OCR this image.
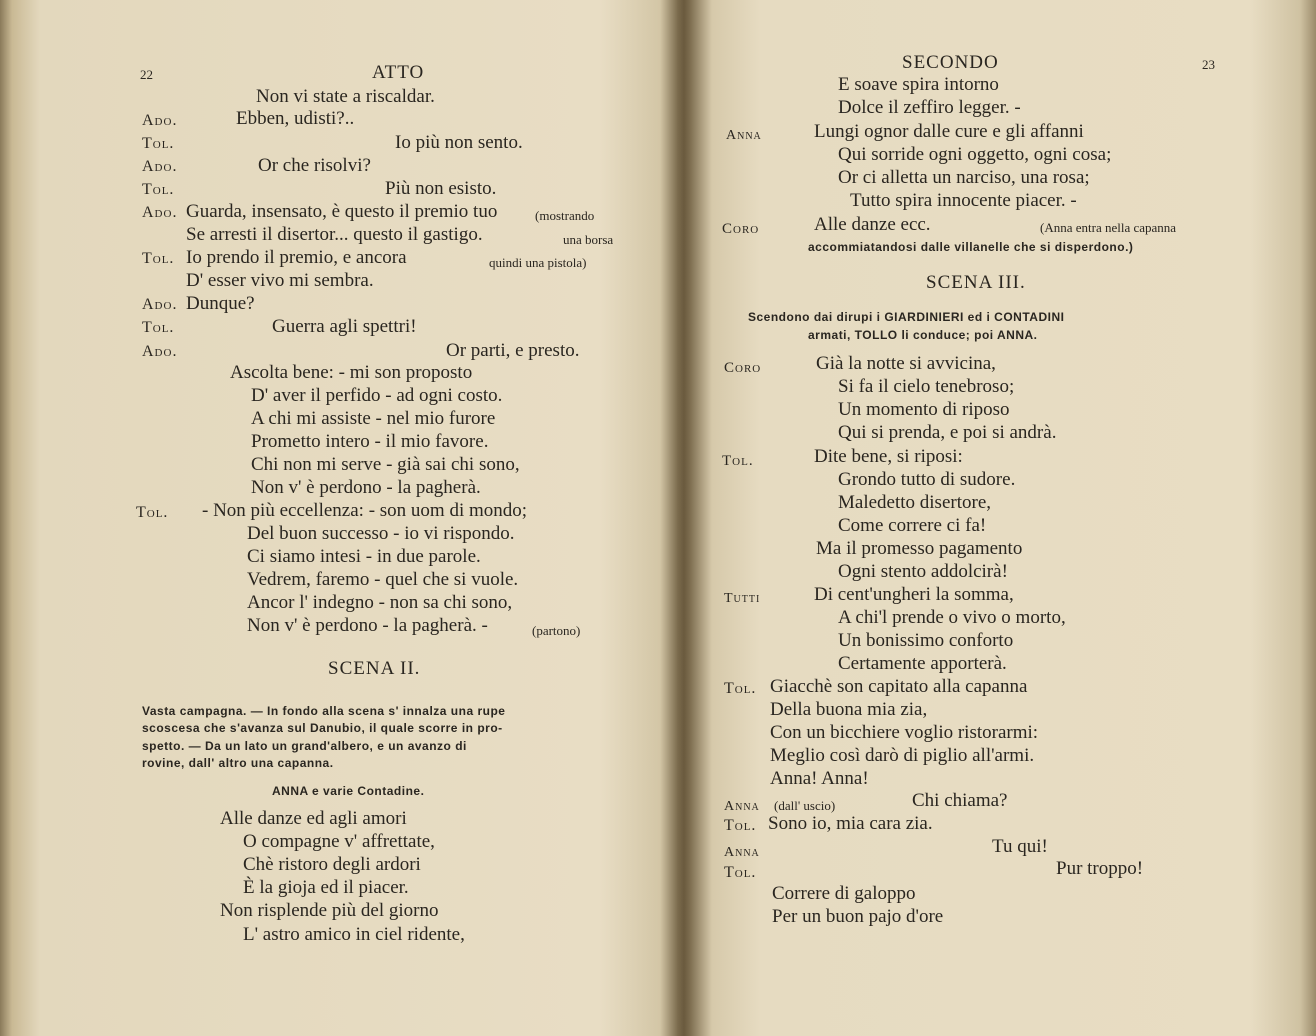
22	ATTO
Non vi state a riscaldar.
Ado.	Ebben, udisti?..
Tol.	Io più non sento.
Ado.	Or che risolvi?
Tol.	Più non esisto.
Ado. Guarda, insensato, è questo il premio tuo	(mostrando
Se arresti il disertor... questo il gastigo.	una borsa
Tol. Io prendo il premio, e ancora	quindi una pistola)
D' esser vivo mi sembra.
Ado. Dunque?
Tol.	Guerra agli spettri!
Ado.	Or parti, e presto.
Ascolta bene: - mi son proposto
D' aver il perfido - ad ogni costo.
A chi mi assiste - nel mio furore
Prometto intero - il mio favore.
Chi non mi serve - già sai chi sono,
Non v' è perdono - la pagherà.
Tol. - Non più eccellenza: - son uom di mondo;
Del buon successo - io vi rispondo.
Ci siamo intesi - in due parole.
Vedrem, faremo - quel che si vuole.
Ancor l' indegno - non sa chi sono,
Non v' è perdono - la pagherà. -	(partono)
SCENA II.
Vasta campagna. — In fondo alla scena s' innalza una rupe
scoscesa che s'avanza sul Danubio, il quale scorre in pro-
spetto. — Da un lato un grand'albero, e un avanzo di
rovine, dall' altro una capanna.
ANNA e varie Contadine.
Alle danze ed agli amori
O compagne v' affrettate,
Chè ristoro degli ardori
È la gioja ed il piacer.
Non risplende più del giorno
L' astro amico in ciel ridente,
SECONDO	23
E soave spira intorno
Dolce il zeffiro legger. -
Anna	Lungi ognor dalle cure e gli affanni
Qui sorride ogni oggetto, ogni cosa;
Or ci alletta un narciso, una rosa;
Tutto spira innocente piacer. -
Coro	Alle danze ecc.	(Anna entra nella capanna
accommiatandosi dalle villanelle che si disperdono.)
SCENA III.
Scendono dai dirupi i GIARDINIERI ed i CONTADINI
armati, TOLLO li conduce; poi ANNA.
Coro	Già la notte si avvicina,
Si fa il cielo tenebroso;
Un momento di riposo
Qui si prenda, e poi si andrà.
Tol.	Dite bene, si riposi:
Grondo tutto di sudore.
Maledetto disertore,
Come correre ci fa!
Ma il promesso pagamento
Ogni stento addolcirà!
Tutti	Di cent'ungheri la somma,
A chi'l prende o vivo o morto,
Un bonissimo conforto
Certamente apporterà.
Tol. Giacchè son capitato alla capanna
Della buona mia zia,
Con un bicchiere voglio ristorarmi:
Meglio così darò di piglio all'armi.
Anna! Anna!
Anna (dall' uscio)	Chi chiama?
Tol. Sono io, mia cara zia.
Anna	Tu qui!
Tol.	Pur troppo!
Correre di galoppo
Per un buon pajo d'ore
